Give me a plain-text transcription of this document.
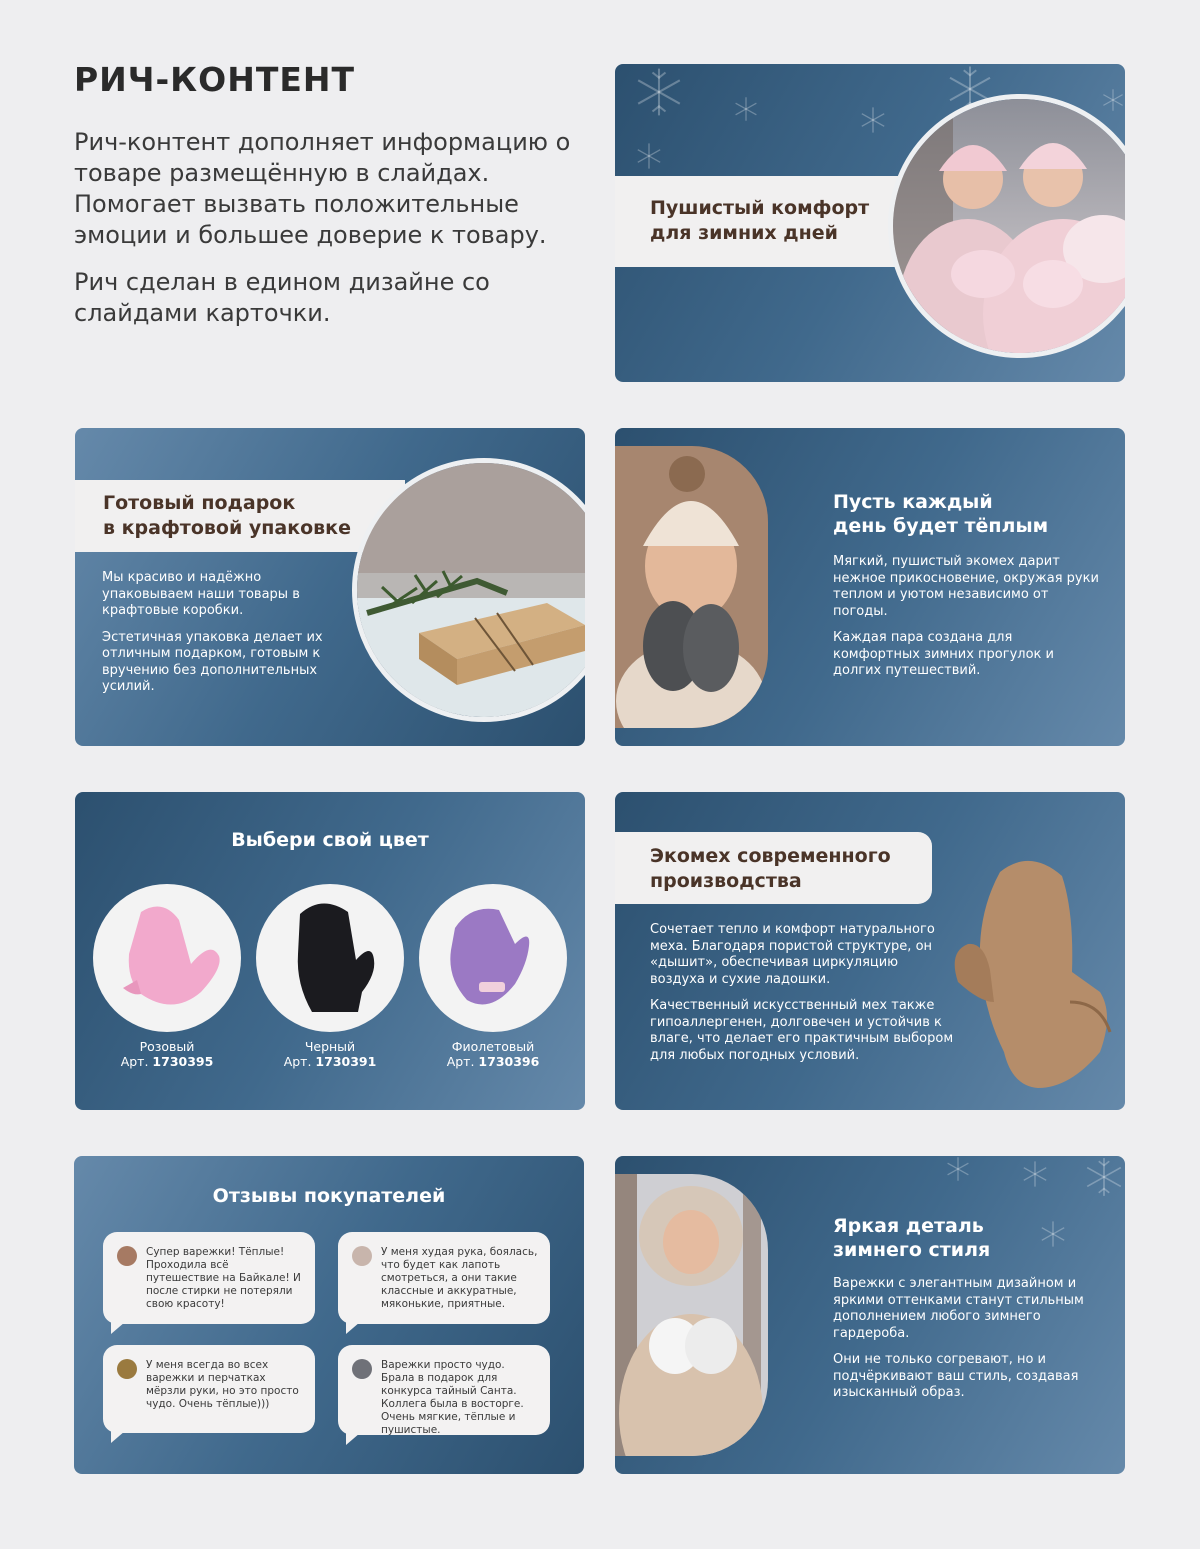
РИЧ-КОНТЕНТ

Рич-контент дополняет информацию о товаре размещённую в слайдах. Помогает вызвать положительные эмоции и большее доверие к товару.

Рич сделан в едином дизайне со слайдами карточки.

Пушистый комфорт
для зимних дней
Готовый подарок
в крафтовой упаковке

Мы красиво и надёжно упаковываем наши товары в крафтовые коробки.

Эстетичная упаковка делает их отличным подарком, готовым к вручению без дополнительных усилий.

Пусть каждый
день будет тёплым

Мягкий, пушистый экомех дарит нежное прикосновение, окружая руки теплом и уютом независимо от погоды.

Каждая пара создана для комфортных зимних прогулок и долгих путешествий.

Выбери свой цвет
Розовый
Арт. 1730395
Черный
Арт. 1730391
Фиолетовый
Арт. 1730396
Экомех современного
производства

Сочетает тепло и комфорт натурального меха. Благодаря пористой структуре, он «дышит», обеспечивая циркуляцию воздуха и сухие ладошки.

Качественный искусственный мех также гипоаллергенен, долговечен и устойчив к влаге, что делает его практичным выбором для любых погодных условий.

Отзывы покупателей
Супер варежки! Тёплые! Проходила всё путешествие на Байкале! И после стирки не потеряли свою красоту!
У меня худая рука, боялась, что будет как лапоть смотреться, а они такие классные и аккуратные, мяконькие, приятные.
У меня всегда во всех варежки и перчатках мёрзли руки, но это просто чудо. Очень тёплые)))
Варежки просто чудо. Брала в подарок для конкурса тайный Санта. Коллега была в восторге. Очень мягкие, тёплые и пушистые.
Яркая деталь
зимнего стиля

Варежки с элегантным дизайном и яркими оттенками станут стильным дополнением любого зимнего гардероба.

Они не только согревают, но и подчёркивают ваш стиль, создавая изысканный образ.
